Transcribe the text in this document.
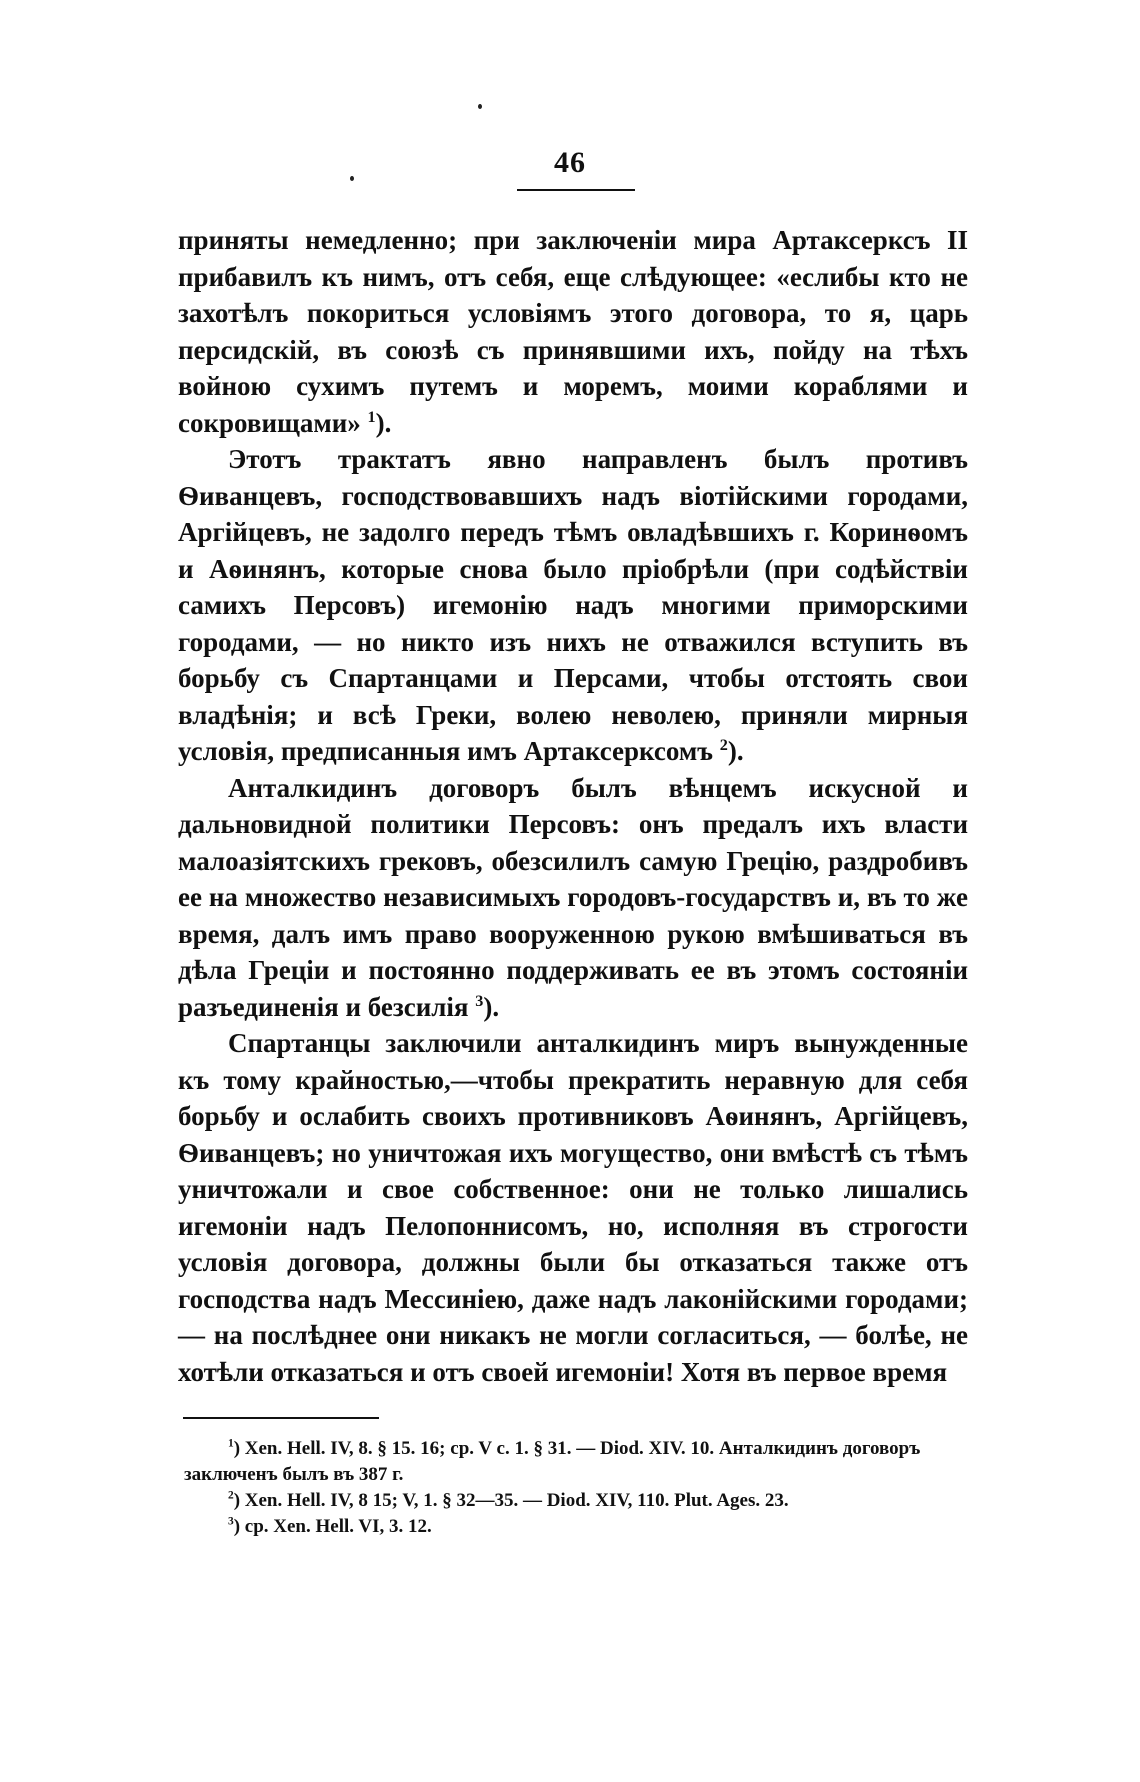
46

приняты немедленно; при заключеніи мира Артаксерксъ II прибавилъ къ нимъ, отъ себя, еще слѣдующее: «еслибы кто не захотѣлъ покориться условіямъ этого договора, то я, царь персидскій, въ союзѣ съ принявшими ихъ, пойду на тѣхъ войною сухимъ путемъ и моремъ, моими кораблями и сокровищами» $^1$).

Этотъ трактатъ явно направленъ былъ противъ Ѳиванцевъ, господствовавшихъ надъ віотійскими городами, Аргійцевъ, не задолго передъ тѣмъ овладѣвшихъ г. Коринѳомъ и Аѳинянъ, которые снова было пріобрѣли (при содѣйствіи самихъ Персовъ) игемонію надъ многими приморскими городами, — но никто изъ нихъ не отважился вступить въ борьбу съ Спартанцами и Персами, чтобы отстоять свои владѣнія; и всѣ Греки, волею неволею, приняли мирныя условія, предписанныя имъ Артаксерксомъ $^2$).

Анталкидинъ договоръ былъ вѣнцемъ искусной и дальновидной политики Персовъ: онъ предалъ ихъ власти малоазіятскихъ грековъ, обезсилилъ самую Грецію, раздробивъ ее на множество независимыхъ городовъ-государствъ и, въ то же время, далъ имъ право вооруженною рукою вмѣшиваться въ дѣла Греціи и постоянно поддерживать ее въ этомъ состояніи разъединенія и безсилія $^3$).

Спартанцы заключили анталкидинъ миръ вынужденные къ тому крайностью,—чтобы прекратить неравную для себя борьбу и ослабить своихъ противниковъ Аѳинянъ, Аргійцевъ, Ѳиванцевъ; но уничтожая ихъ могущество, они вмѣстѣ съ тѣмъ уничтожали и свое собственное: они не только лишались игемоніи надъ Пелопоннисомъ, но, исполняя въ строгости условія договора, должны были бы отказаться также отъ господства надъ Мессиніею, даже надъ лаконійскими городами; — на послѣднее они никакъ не могли согласиться, — болѣе, не хотѣли отказаться и отъ своей игемоніи! Хотя въ первое время

$^1$) Xen. Hell. IV, 8. § 15. 16; cp. V c. 1. § 31. — Diod. XIV. 10. Анталкидинъ договоръ заключенъ былъ въ 387 г.

$^2$) Xen. Hell. IV, 8 15; V, 1. § 32—35. — Diod. XIV, 110. Plut. Ages. 23.

$^3$) cp. Xen. Hell. VI, 3. 12.
